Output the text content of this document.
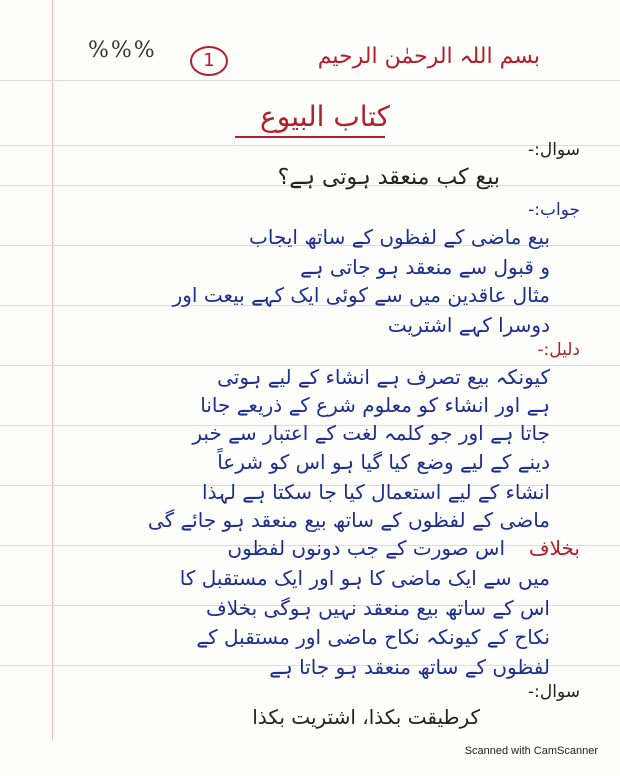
%%%	1	بسم اللہ الرحمٰن الرحیم
کتاب البیوع
سوال:-
بیع کب منعقد ہوتی ہے؟
جواب:-
بیع ماضی کے لفظوں کے ساتھ ایجاب
و قبول سے منعقد ہو جاتی ہے
مثال عاقدین میں سے کوئی ایک کہے بیعت اور
دوسرا کہے اشتریت
دلیل:-
کیونکہ بیع تصرف ہے انشاء کے لیے ہوتی
ہے اور انشاء کو معلوم شرع کے ذریعے جانا
جاتا ہے اور جو کلمہ لغت کے اعتبار سے خبر
دینے کے لیے وضع کیا گیا ہو اس کو شرعاً
انشاء کے لیے استعمال کیا جا سکتا ہے لہذا
ماضی کے لفظوں کے ساتھ بیع منعقد ہو جائے گی
بخلاف
اس صورت کے جب دونوں لفظوں
میں سے ایک ماضی کا ہو اور ایک مستقبل کا
اس کے ساتھ بیع منعقد نہیں ہوگی بخلاف
نکاح کے کیونکہ نکاح ماضی اور مستقبل کے
لفظوں کے ساتھ منعقد ہو جاتا ہے
سوال:-
کرطیقت بکذا، اشتریت بکذا
Scanned with CamScanner
